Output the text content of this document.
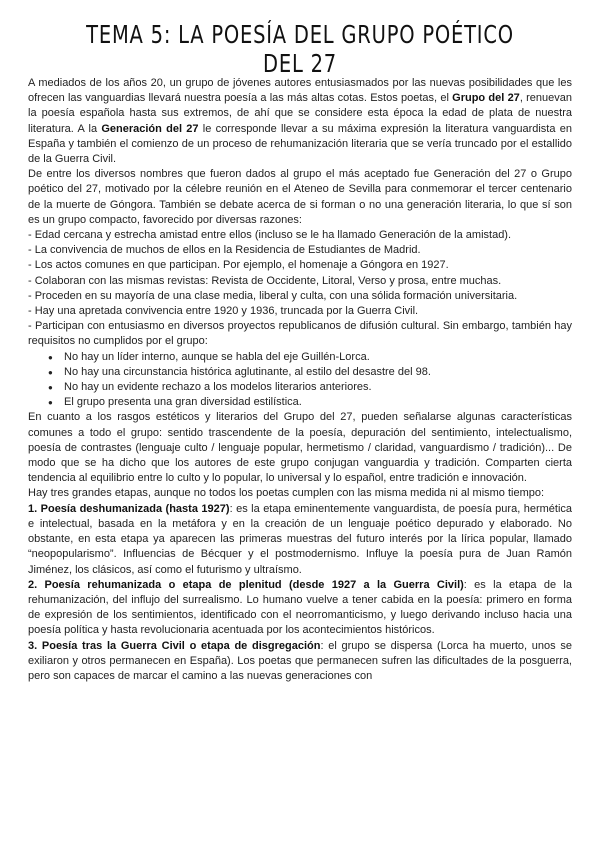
TEMA 5: LA POESÍA DEL GRUPO POÉTICO DEL 27

A mediados de los años 20, un grupo de jóvenes autores entusiasmados por las nuevas posibilidades que les ofrecen las vanguardias llevará nuestra poesía a las más altas cotas. Estos poetas, el Grupo del 27, renuevan la poesía española hasta sus extremos, de ahí que se considere esta época la edad de plata de nuestra literatura. A la Generación del 27 le corresponde llevar a su máxima expresión la literatura vanguardista en España y también el comienzo de un proceso de rehumanización literaria que se vería truncado por el estallido de la Guerra Civil.

De entre los diversos nombres que fueron dados al grupo el más aceptado fue Generación del 27 o Grupo poético del 27, motivado por la célebre reunión en el Ateneo de Sevilla para conmemorar el tercer centenario de la muerte de Góngora. También se debate acerca de si forman o no una generación literaria, lo que sí son es un grupo compacto, favorecido por diversas razones:

- Edad cercana y estrecha amistad entre ellos (incluso se le ha llamado Generación de la amistad).

- La convivencia de muchos de ellos en la Residencia de Estudiantes de Madrid.

- Los actos comunes en que participan. Por ejemplo, el homenaje a Góngora en 1927.

- Colaboran con las mismas revistas: Revista de Occidente, Litoral, Verso y prosa, entre muchas.

- Proceden en su mayoría de una clase media, liberal y culta, con una sólida formación universitaria.

- Hay una apretada convivencia entre 1920 y 1936, truncada por la Guerra Civil.

- Participan con entusiasmo en diversos proyectos republicanos de difusión cultural. Sin embargo, también hay requisitos no cumplidos por el grupo:

● No hay un líder interno, aunque se habla del eje Guillén-Lorca.
● No hay una circunstancia histórica aglutinante, al estilo del desastre del 98.
● No hay un evidente rechazo a los modelos literarios anteriores.
● El grupo presenta una gran diversidad estilística.

En cuanto a los rasgos estéticos y literarios del Grupo del 27, pueden señalarse algunas características comunes a todo el grupo: sentido trascendente de la poesía, depuración del sentimiento, intelectualismo, poesía de contrastes (lenguaje culto / lenguaje popular, hermetismo / claridad, vanguardismo / tradición)... De modo que se ha dicho que los autores de este grupo conjugan vanguardia y tradición. Comparten cierta tendencia al equilibrio entre lo culto y lo popular, lo universal y lo español, entre tradición e innovación.

Hay tres grandes etapas, aunque no todos los poetas cumplen con las misma medida ni al mismo tiempo:

1. Poesía deshumanizada (hasta 1927): es la etapa eminentemente vanguardista, de poesía pura, hermética e intelectual, basada en la metáfora y en la creación de un lenguaje poético depurado y elaborado. No obstante, en esta etapa ya aparecen las primeras muestras del futuro interés por la lírica popular, llamado “neopopularismo”. Influencias de Bécquer y el postmodernismo. Influye la poesía pura de Juan Ramón Jiménez, los clásicos, así como el futurismo y ultraísmo.

2. Poesía rehumanizada o etapa de plenitud (desde 1927 a la Guerra Civil): es la etapa de la rehumanización, del influjo del surrealismo. Lo humano vuelve a tener cabida en la poesía: primero en forma de expresión de los sentimientos, identificado con el neorromanticismo, y luego derivando incluso hacia una poesía política y hasta revolucionaria acentuada por los acontecimientos históricos.

3. Poesía tras la Guerra Civil o etapa de disgregación: el grupo se dispersa (Lorca ha muerto, unos se exiliaron y otros permanecen en España). Los poetas que permanecen sufren las dificultades de la posguerra, pero son capaces de marcar el camino a las nuevas generaciones con
